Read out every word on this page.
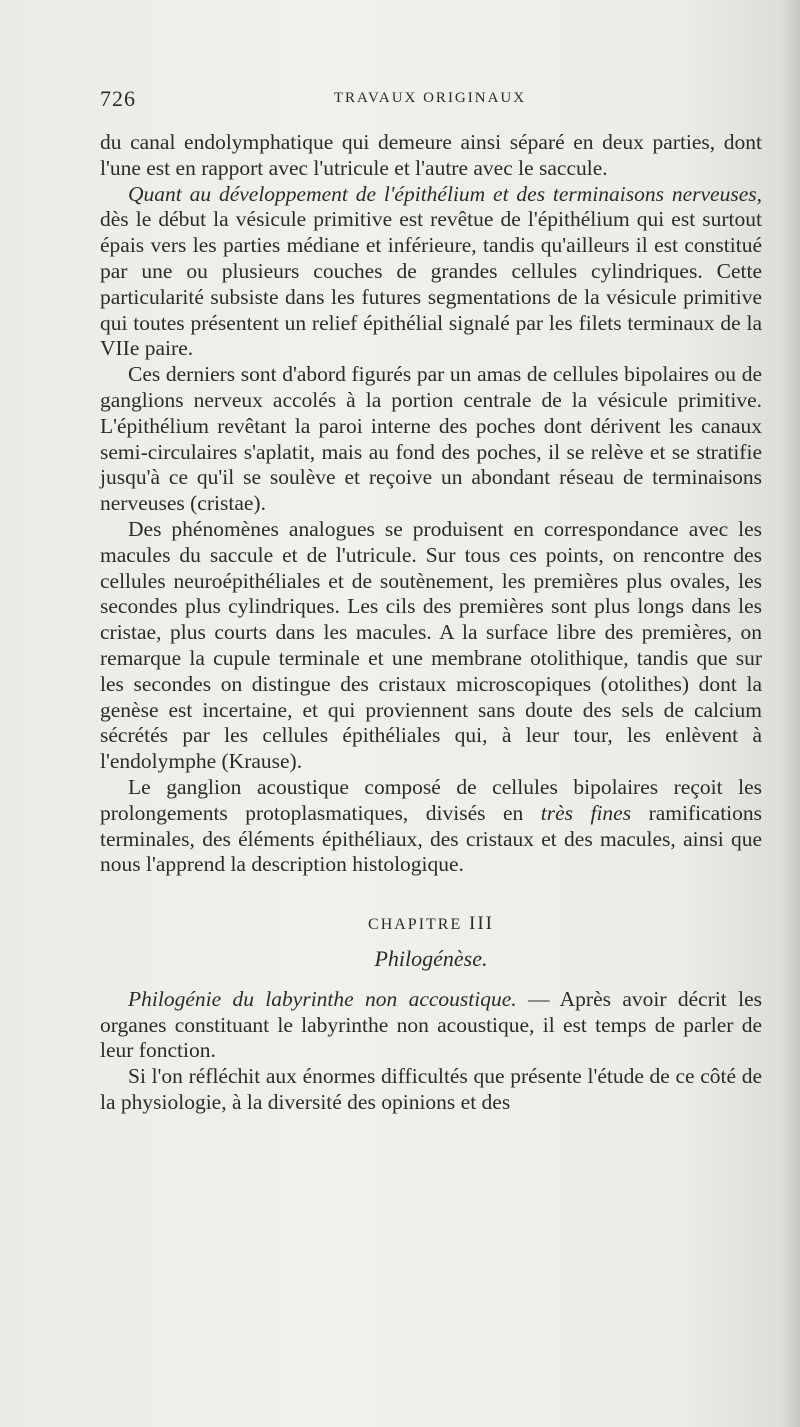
726	TRAVAUX ORIGINAUX

du canal endolymphatique qui demeure ainsi séparé en deux parties, dont l'une est en rapport avec l'utricule et l'autre avec le saccule.

Quant au développement de l'épithélium et des terminaisons nerveuses, dès le début la vésicule primitive est revêtue de l'épithélium qui est surtout épais vers les parties médiane et inférieure, tandis qu'ailleurs il est constitué par une ou plusieurs couches de grandes cellules cylindriques. Cette particularité subsiste dans les futures segmentations de la vésicule primitive qui toutes présentent un relief épithélial signalé par les filets terminaux de la VIIe paire.

Ces derniers sont d'abord figurés par un amas de cellules bipolaires ou de ganglions nerveux accolés à la portion centrale de la vésicule primitive. L'épithélium revêtant la paroi interne des poches dont dérivent les canaux semi-circulaires s'aplatit, mais au fond des poches, il se relève et se stratifie jusqu'à ce qu'il se soulève et reçoive un abondant réseau de terminaisons nerveuses (cristae).

Des phénomènes analogues se produisent en correspondance avec les macules du saccule et de l'utricule. Sur tous ces points, on rencontre des cellules neuroépithéliales et de soutènement, les premières plus ovales, les secondes plus cylindriques. Les cils des premières sont plus longs dans les cristae, plus courts dans les macules. A la surface libre des premières, on remarque la cupule terminale et une membrane otolithique, tandis que sur les secondes on distingue des cristaux microscopiques (otolithes) dont la genèse est incertaine, et qui proviennent sans doute des sels de calcium sécrétés par les cellules épithéliales qui, à leur tour, les enlèvent à l'endolymphe (Krause).

Le ganglion acoustique composé de cellules bipolaires reçoit les prolongements protoplasmatiques, divisés en très fines ramifications terminales, des éléments épithéliaux, des cristaux et des macules, ainsi que nous l'apprend la description histologique.

CHAPITRE III
Philogénèse.

Philogénie du labyrinthe non accoustique. — Après avoir décrit les organes constituant le labyrinthe non acoustique, il est temps de parler de leur fonction.

Si l'on réfléchit aux énormes difficultés que présente l'étude de ce côté de la physiologie, à la diversité des opinions et des
